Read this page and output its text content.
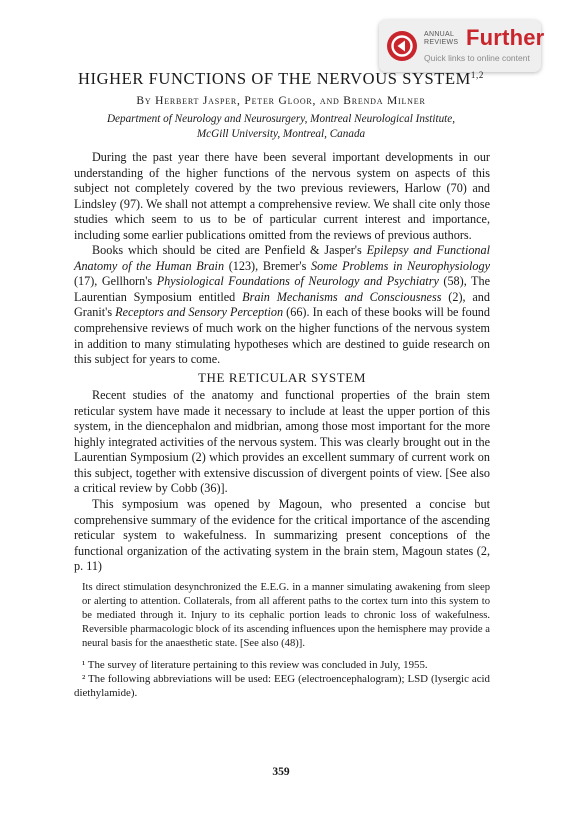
ANNUAL
REVIEWS Further
Quick links to online content
HIGHER FUNCTIONS OF THE NERVOUS SYSTEM$^{1,2}$
By Herbert Jasper, Peter Gloor, and Brenda Milner
Department of Neurology and Neurosurgery, Montreal Neurological Institute,
McGill University, Montreal, Canada

During the past year there have been several important developments in our understanding of the higher functions of the nervous system on aspects of this subject not completely covered by the two previous reviewers, Harlow (70) and Lindsley (97). We shall not attempt a comprehensive review. We shall cite only those studies which seem to us to be of particular current interest and importance, including some earlier publications omitted from the reviews of previous authors.

Books which should be cited are Penfield & Jasper's Epilepsy and Functional Anatomy of the Human Brain (123), Bremer's Some Problems in Neurophysiology (17), Gellhorn's Physiological Foundations of Neurology and Psychiatry (58), The Laurentian Symposium entitled Brain Mechanisms and Consciousness (2), and Granit's Receptors and Sensory Perception (66). In each of these books will be found comprehensive reviews of much work on the higher functions of the nervous system in addition to many stimulating hypotheses which are destined to guide research on this subject for years to come.

THE RETICULAR SYSTEM

Recent studies of the anatomy and functional properties of the brain stem reticular system have made it necessary to include at least the upper portion of this system, in the diencephalon and midbrian, among those most important for the more highly integrated activities of the nervous system. This was clearly brought out in the Laurentian Symposium (2) which provides an excellent summary of current work on this subject, together with extensive discussion of divergent points of view. [See also a critical review by Cobb (36)].

This symposium was opened by Magoun, who presented a concise but comprehensive summary of the evidence for the critical importance of the ascending reticular system to wakefulness. In summarizing present conceptions of the functional organization of the activating system in the brain stem, Magoun states (2, p. 11)

Its direct stimulation desynchronized the E.E.G. in a manner simulating awakening from sleep or alerting to attention. Collaterals, from all afferent paths to the cortex turn into this system to be mediated through it. Injury to its cephalic portion leads to chronic loss of wakefulness. Reversible pharmacologic block of its ascending influences upon the hemisphere may provide a neural basis for the anaesthetic state. [See also (48)].

¹ The survey of literature pertaining to this review was concluded in July, 1955.

² The following abbreviations will be used: EEG (electroencephalogram); LSD (lysergic acid diethylamide).

359
